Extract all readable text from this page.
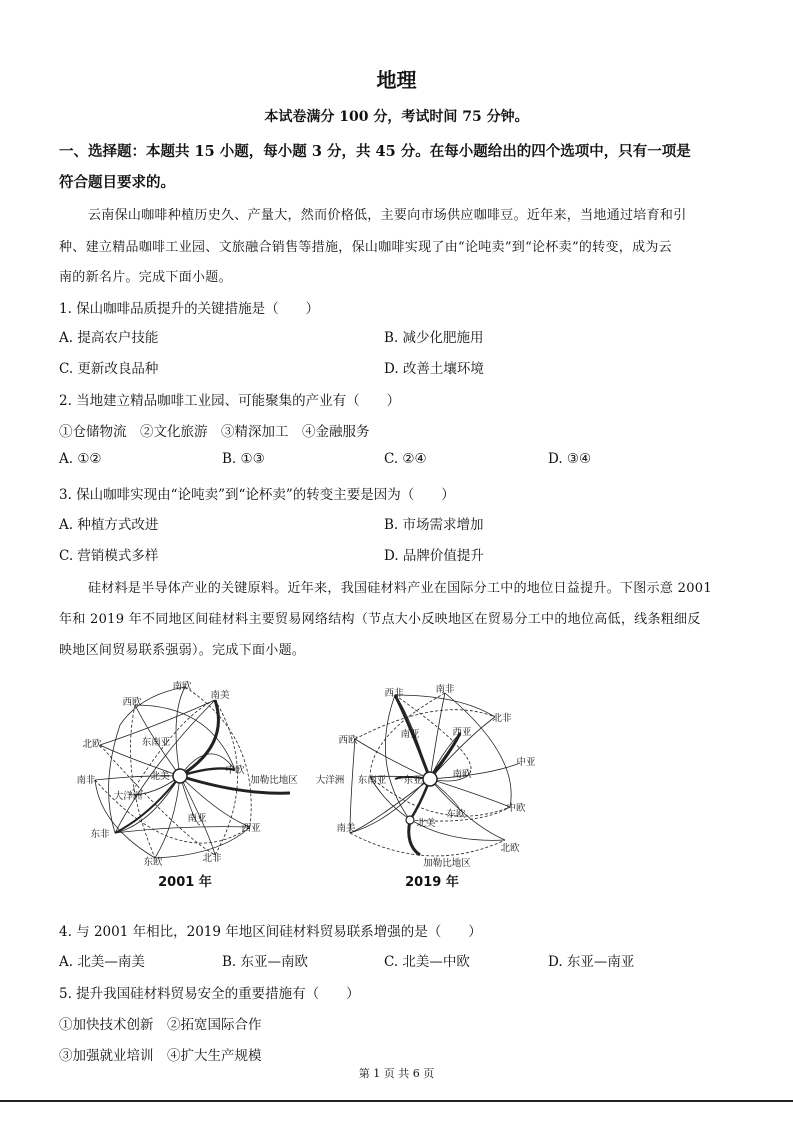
地理
本试卷满分 100 分，考试时间 75 分钟。
一、选择题：本题共 15 小题，每小题 3 分，共 45 分。在每小题给出的四个选项中，只有一项是
符合题目要求的。
云南保山咖啡种植历史久、产量大，然而价格低，主要向市场供应咖啡豆。近年来，当地通过培育和引
种、建立精品咖啡工业园、文旅融合销售等措施，保山咖啡实现了由“论吨卖”到“论杯卖”的转变，成为云
南的新名片。完成下面小题。
1. 保山咖啡品质提升的关键措施是（　　）
A. 提高农户技能	B. 减少化肥施用
C. 更新改良品种	D. 改善土壤环境
2. 当地建立精品咖啡工业园、可能聚集的产业有（　　）
①仓储物流　②文化旅游　③精深加工　④金融服务
A. ①②	B. ①③	C. ②④	D. ③④
3. 保山咖啡实现由“论吨卖”到“论杯卖”的转变主要是因为（　　）
A. 种植方式改进	B. 市场需求增加
C. 营销模式多样	D. 品牌价值提升
硅材料是半导体产业的关键原料。近年来，我国硅材料产业在国际分工中的地位日益提升。下图示意 2001
年和 2019 年不同地区间硅材料主要贸易网络结构（节点大小反映地区在贸易分工中的地位高低，线条粗细反
映地区间贸易联系强弱）。完成下面小题。
南欧
西欧
南美
北欧	东南亚
北美
中欧
南非
大洋洲
加勒比地区
南亚
东非
西亚
东欧	北非
2001 年
西非	南非
北非
南亚	西亚
西欧
中亚
大洋洲 东南亚 东亚
南欧
东欧
中欧
南美	北美
北欧
加勒比地区
2019 年
4. 与 2001 年相比，2019 年地区间硅材料贸易联系增强的是（　　）
A. 北美—南美	B. 东亚—南欧	C. 北美—中欧	D. 东亚—南亚
5. 提升我国硅材料贸易安全的重要措施有（　　）
①加快技术创新　②拓宽国际合作
③加强就业培训　④扩大生产规模
第 1 页 共 6 页
